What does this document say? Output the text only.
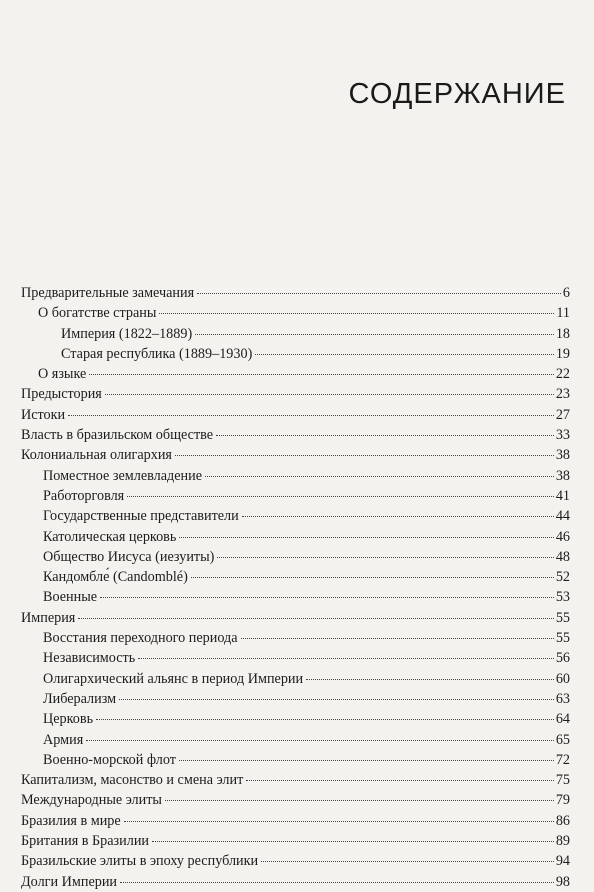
СОДЕРЖАНИЕ
Предварительные замечания	6
О богатстве страны	11
Империя (1822–1889)	18
Старая республика (1889–1930)	19
О языке	22
Предыстория	23
Истоки	27
Власть в бразильском обществе	33
Колониальная олигархия	38
Поместное землевладение	38
Работорговля	41
Государственные представители	44
Католическая церковь	46
Общество Иисуса (иезуиты)	48
Кандомбле́ (Candomblé)	52
Военные	53
Империя	55
Восстания переходного периода	55
Независимость	56
Олигархический альянс в период Империи	60
Либерализм	63
Церковь	64
Армия	65
Военно-морской флот	72
Капитализм, масонство и смена элит	75
Международные элиты	79
Бразилия в мире	86
Британия в Бразилии	89
Бразильские элиты в эпоху республики	94
Долги Империи	98
